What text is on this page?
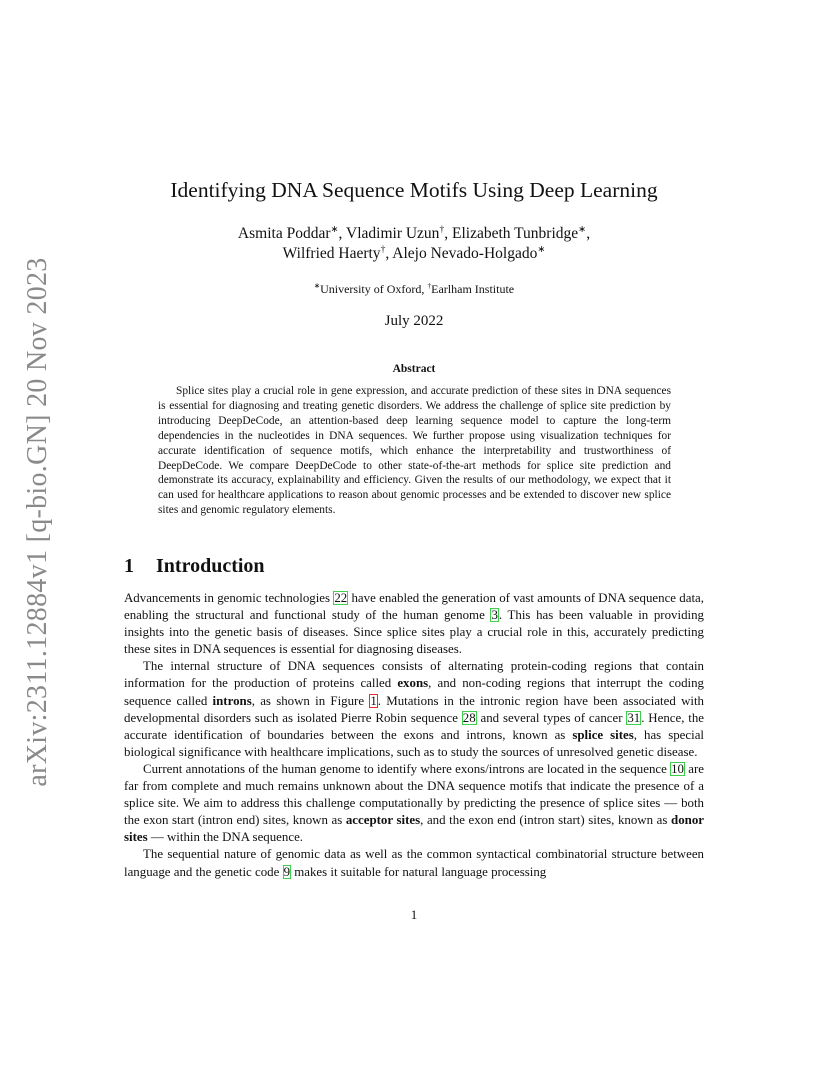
arXiv:2311.12884v1 [q-bio.GN] 20 Nov 2023
Identifying DNA Sequence Motifs Using Deep Learning
Asmita Poddar∗, Vladimir Uzun†, Elizabeth Tunbridge∗,
Wilfried Haerty†, Alejo Nevado-Holgado∗
∗University of Oxford, †Earlham Institute
July 2022
Abstract
Splice sites play a crucial role in gene expression, and accurate prediction of these sites in DNA sequences is essential for diagnosing and treating genetic disorders. We address the challenge of splice site prediction by introducing DeepDeCode, an attention-based deep learning sequence model to capture the long-term dependencies in the nucleotides in DNA sequences. We further propose using visualization techniques for accurate identification of sequence motifs, which enhance the interpretability and trustworthiness of DeepDeCode. We compare DeepDeCode to other state-of-the-art methods for splice site prediction and demonstrate its accuracy, explainability and efficiency. Given the results of our methodology, we expect that it can used for healthcare applications to reason about genomic processes and be extended to discover new splice sites and genomic regulatory elements.
1 Introduction

Advancements in genomic technologies 22 have enabled the generation of vast amounts of DNA sequence data, enabling the structural and functional study of the human genome 3. This has been valuable in providing insights into the genetic basis of diseases. Since splice sites play a crucial role in this, accurately predicting these sites in DNA sequences is essential for diagnosing diseases.

The internal structure of DNA sequences consists of alternating protein-coding regions that contain information for the production of proteins called exons, and non-coding regions that interrupt the coding sequence called introns, as shown in Figure 1. Mutations in the intronic region have been associated with developmental disorders such as isolated Pierre Robin sequence 28 and several types of cancer 31. Hence, the accurate identification of boundaries between the exons and introns, known as splice sites, has special biological significance with healthcare implications, such as to study the sources of unresolved genetic disease.

Current annotations of the human genome to identify where exons/introns are located in the sequence 10 are far from complete and much remains unknown about the DNA sequence motifs that indicate the presence of a splice site. We aim to address this challenge computationally by predicting the presence of splice sites — both the exon start (intron end) sites, known as acceptor sites, and the exon end (intron start) sites, known as donor sites — within the DNA sequence.

The sequential nature of genomic data as well as the common syntactical combinatorial structure between language and the genetic code 9 makes it suitable for natural language processing

1
